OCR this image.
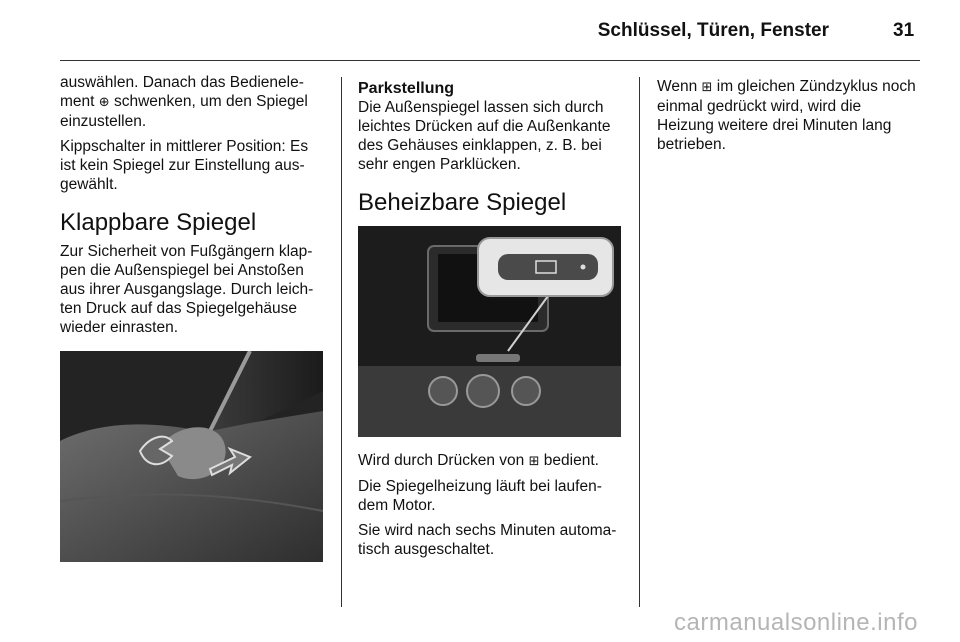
Schlüssel, Türen, Fenster	31

auswählen. Danach das Bedienele-ment ⊕ schwenken, um den Spiegel einzustellen.

Kippschalter in mittlerer Position: Es ist kein Spiegel zur Einstellung aus-gewählt.

Klappbare Spiegel

Zur Sicherheit von Fußgängern klap-pen die Außenspiegel bei Anstoßen aus ihrer Ausgangslage. Durch leich-ten Druck auf das Spiegelgehäuse wieder einrasten.

Parkstellung

Die Außenspiegel lassen sich durch leichtes Drücken auf die Außenkante des Gehäuses einklappen, z. B. bei sehr engen Parklücken.

Beheizbare Spiegel

Wird durch Drücken von ⊞ bedient.

Die Spiegelheizung läuft bei laufen-dem Motor.

Sie wird nach sechs Minuten automa-tisch ausgeschaltet.

Wenn ⊞ im gleichen Zündzyklus noch einmal gedrückt wird, wird die Heizung weitere drei Minuten lang betrieben.

carmanualsonline.info
